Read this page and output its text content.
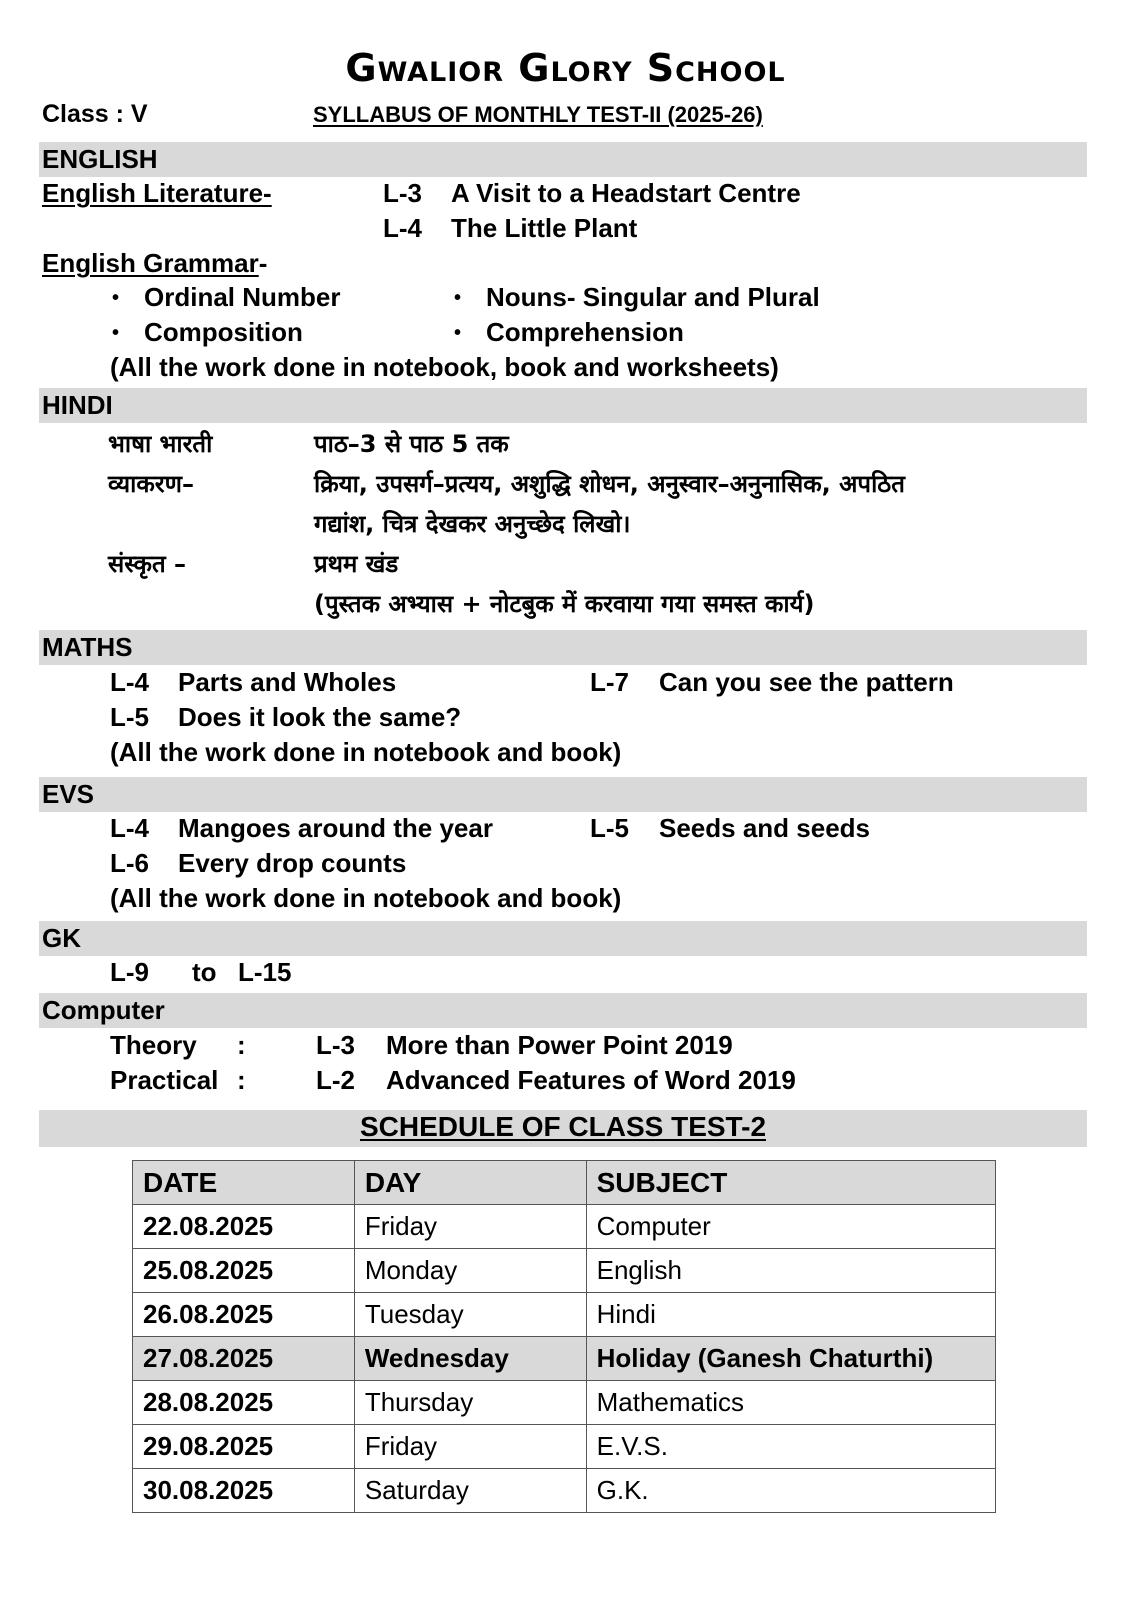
Gwalior Glory School
Class : V	SYLLABUS OF MONTHLY TEST-II (2025-26)
ENGLISH
English Literature-	L-3 A Visit to a Headstart Centre
L-4 The Little Plant
English Grammar-
• Ordinal Number	• Nouns- Singular and Plural
• Composition	• Comprehension
(All the work done in notebook, book and worksheets)
HINDI
भाषा भारती	पाठ–3 से पाठ 5 तक
व्याकरण–	क्रिया, उपसर्ग–प्रत्यय, अशुद्धि शोधन, अनुस्वार–अनुनासिक, अपठित
गद्यांश, चित्र देखकर अनुच्छेद लिखो।
संस्कृत –	प्रथम खंड
(पुस्तक अभ्यास + नोटबुक में करवाया गया समस्त कार्य)
MATHS
L-4 Parts and Wholes	L-7 Can you see the pattern
L-5 Does it look the same?
(All the work done in notebook and book)
EVS
L-4 Mangoes around the year	L-5 Seeds and seeds
L-6 Every drop counts
(All the work done in notebook and book)
GK
L-9 to L-15
Computer
Theory :	L-3 More than Power Point 2019
Practical :	L-2 Advanced Features of Word 2019
SCHEDULE OF CLASS TEST-2
DATE	DAY	SUBJECT
22.08.2025	Friday	Computer
25.08.2025	Monday	English
26.08.2025	Tuesday	Hindi
27.08.2025	Wednesday	Holiday (Ganesh Chaturthi)
28.08.2025	Thursday	Mathematics
29.08.2025	Friday	E.V.S.
30.08.2025	Saturday	G.K.
